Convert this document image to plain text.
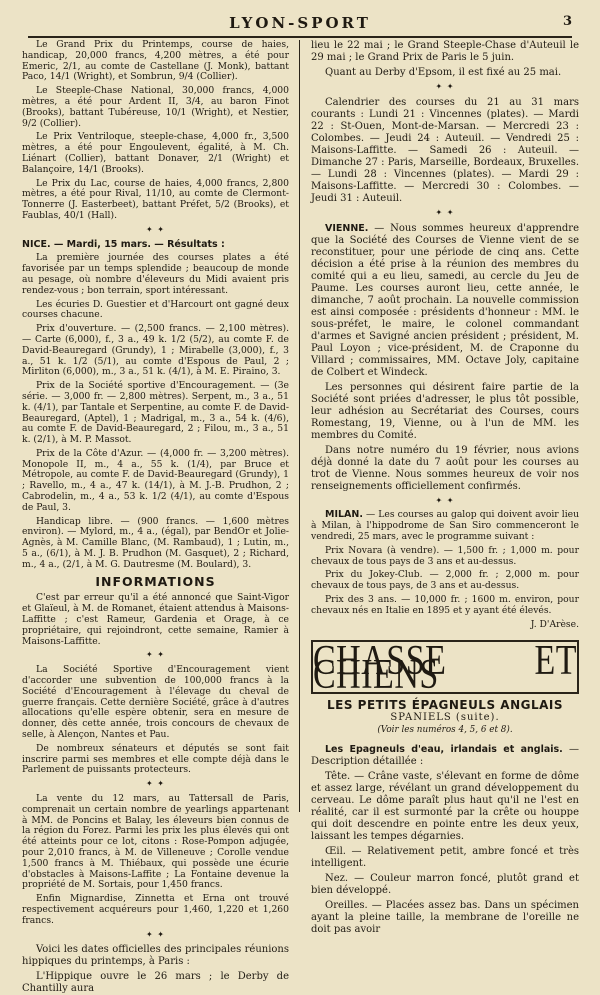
LYON-SPORT	3

Le Grand Prix du Printemps, course de haies, handicap, 20,000 francs, 4,200 mètres, a été pour Emeric, 2/1, au comte de Castellane (J. Monk), battant Paco, 14/1 (Wright), et Sombrun, 9/4 (Collier).

Le Steeple-Chase National, 30,000 francs, 4,000 mètres, a été pour Ardent II, 3/4, au baron Finot (Brooks), battant Tubéreuse, 10/1 (Wright), et Nestier, 9/2 (Collier).

Le Prix Ventriloque, steeple-chase, 4,000 fr., 3,500 mètres, a été pour Engoulevent, égalité, à M. Ch. Liénart (Collier), battant Donaver, 2/1 (Wright) et Balançoire, 14/1 (Brooks).

Le Prix du Lac, course de haies, 4,000 francs, 2,800 mètres, a été pour Rival, 11/10, au comte de Clermont-Tonnerre (J. Easterbeet), battant Préfet, 5/2 (Brooks), et Faublas, 40/1 (Hall).

✦ ✦

NICE. — Mardi, 15 mars. — Résultats :

La première journée des courses plates a été favorisée par un temps splendide ; beaucoup de monde au pesage, où nombre d'éleveurs du Midi avaient pris rendez-vous ; bon terrain, sport intéressant.

Les écuries D. Guestier et d'Harcourt ont gagné deux courses chacune.

Prix d'ouverture. — (2,500 francs. — 2,100 mètres). — Carte (6,000), f., 3 a., 49 k. 1/2 (5/2), au comte F. de David-Beauregard (Grundy), 1 ; Mirabelle (3,000), f., 3 a., 51 k. 1/2 (5/1), au comte d'Espous de Paul, 2 ; Mirliton (6,000), m., 3 a., 51 k. (4/1), à M. E. Piraino, 3.

Prix de la Société sportive d'Encouragement. — (3e série. — 3,000 fr. — 2,800 mètres). Serpent, m., 3 a., 51 k. (4/1), par Tantale et Serpentine, au comte F. de David-Beauregard, (Aptel), 1 ; Madrigal, m., 3 a., 54 k. (4/6), au comte F. de David-Beauregard, 2 ; Filou, m., 3 a., 51 k. (2/1), à M. P. Massot.

Prix de la Côte d'Azur. — (4,000 fr. — 3,200 mètres). Monopole II, m., 4 a., 55 k. (1/4), par Bruce et Métropole, au comte F. de David-Beauregard (Grundy), 1 ; Ravello, m., 4 a., 47 k. (14/1), à M. J.-B. Prudhon, 2 ; Cabrodelin, m., 4 a., 53 k. 1/2 (4/1), au comte d'Espous de Paul, 3.

Handicap libre. — (900 francs. — 1,600 mètres environ). — Mylord, m., 4 a., (égal), par BendOr et Jolie-Agnès, à M. Camille Blanc, (M. Rambaud), 1 ; Lutin, m., 5 a., (6/1), à M. J. B. Prudhon (M. Gasquet), 2 ; Richard, m., 4 a., (2/1, à M. G. Dautresme (M. Boulard), 3.

INFORMATIONS

C'est par erreur qu'il a été annoncé que Saint-Vigor et Glaïeul, à M. de Romanet, étaient attendus à Maisons-Laffitte ; c'est Rameur, Gardenia et Orage, à ce propriétaire, qui rejoindront, cette semaine, Ramier à Maisons-Laffitte.

✦ ✦

La Société Sportive d'Encouragement vient d'accorder une subvention de 100,000 francs à la Société d'Encouragement à l'élevage du cheval de guerre français. Cette dernière Société, grâce à d'autres allocations qu'elle espère obtenir, sera en mesure de donner, dès cette année, trois concours de chevaux de selle, à Alençon, Nantes et Pau.

De nombreux sénateurs et députés se sont fait inscrire parmi ses membres et elle compte déjà dans le Parlement de puissants protecteurs.

✦ ✦

La vente du 12 mars, au Tattersall de Paris, comprenait un certain nombre de yearlings appartenant à MM. de Poncins et Balay, les éleveurs bien connus de la région du Forez. Parmi les prix les plus élevés qui ont été atteints pour ce lot, citons : Rose-Pompon adjugée, pour 2,010 francs, à M. de Villeneuve ; Corolle vendue 1,500 francs à M. Thiébaux, qui possède une écurie d'obstacles à Maisons-Laffite ; La Fontaine devenue la propriété de M. Sortais, pour 1,450 francs.

Enfin Mignardise, Zinnetta et Erna ont trouvé respectivement acquéreurs pour 1,460, 1,220 et 1,260 francs.

✦ ✦

Voici les dates officielles des principales réunions hippiques du printemps, à Paris :

L'Hippique ouvre le 26 mars ; le Derby de Chantilly aura

lieu le 22 mai ; le Grand Steeple-Chase d'Auteuil le 29 mai ; le Grand Prix de Paris le 5 juin.

Quant au Derby d'Epsom, il est fixé au 25 mai.

✦ ✦

Calendrier des courses du 21 au 31 mars courants : Lundi 21 : Vincennes (plates). — Mardi 22 : St-Ouen, Mont-de-Marsan. — Mercredi 23 : Colombes. — Jeudi 24 : Auteuil. — Vendredi 25 : Maisons-Laffitte. — Samedi 26 : Auteuil. — Dimanche 27 : Paris, Marseille, Bordeaux, Bruxelles. — Lundi 28 : Vincennes (plates). — Mardi 29 : Maisons-Laffitte. — Mercredi 30 : Colombes. — Jeudi 31 : Auteuil.

✦ ✦

VIENNE. — Nous sommes heureux d'apprendre que la Société des Courses de Vienne vient de se reconstituer, pour une période de cinq ans. Cette décision a été prise à la réunion des membres du comité qui a eu lieu, samedi, au cercle du Jeu de Paume. Les courses auront lieu, cette année, le dimanche, 7 août prochain. La nouvelle commission est ainsi composée : présidents d'honneur : MM. le sous-préfet, le maire, le colonel commandant d'armes et Savigné ancien président ; président, M. Paul Loyon ; vice-président, M. de Craponne du Villard ; commissaires, MM. Octave Joly, capitaine de Colbert et Windeck.

Les personnes qui désirent faire partie de la Société sont priées d'adresser, le plus tôt possible, leur adhésion au Secrétariat des Courses, cours Romestang, 19, Vienne, ou à l'un de MM. les membres du Comité.

Dans notre numéro du 19 février, nous avions déjà donné la date du 7 août pour les courses au trot de Vienne. Nous sommes heureux de voir nos renseignements officiellement confirmés.

✦ ✦

MILAN. — Les courses au galop qui doivent avoir lieu à Milan, à l'hippodrome de San Siro commenceront le vendredi, 25 mars, avec le programme suivant :

Prix Novara (à vendre). — 1,500 fr. ; 1,000 m. pour chevaux de tous pays de 3 ans et au-dessus.

Prix du Jokey-Club. — 2,000 fr. ; 2,000 m. pour chevaux de tous pays, de 3 ans et au-dessus.

Prix des 3 ans. — 10,000 fr. ; 1600 m. environ, pour chevaux nés en Italie en 1895 et y ayant été élevés.

J. D'Arèse.

CHASSE ET CHIENS
LES PETITS ÉPAGNEULS ANGLAIS
SPANIELS (suite).
(Voir les numéros 4, 5, 6 et 8).

Les Epagneuls d'eau, irlandais et anglais. — Description détaillée :

Tête. — Crâne vaste, s'élevant en forme de dôme et assez large, révélant un grand développement du cerveau. Le dôme paraît plus haut qu'il ne l'est en réalité, car il est surmonté par la crête ou houppe qui doit descendre en pointe entre les deux yeux, laissant les tempes dégarnies.

Œil. — Relativement petit, ambre foncé et très intelligent.

Nez. — Couleur marron foncé, plutôt grand et bien développé.

Oreilles. — Placées assez bas. Dans un spécimen ayant la pleine taille, la membrane de l'oreille ne doit pas avoir
